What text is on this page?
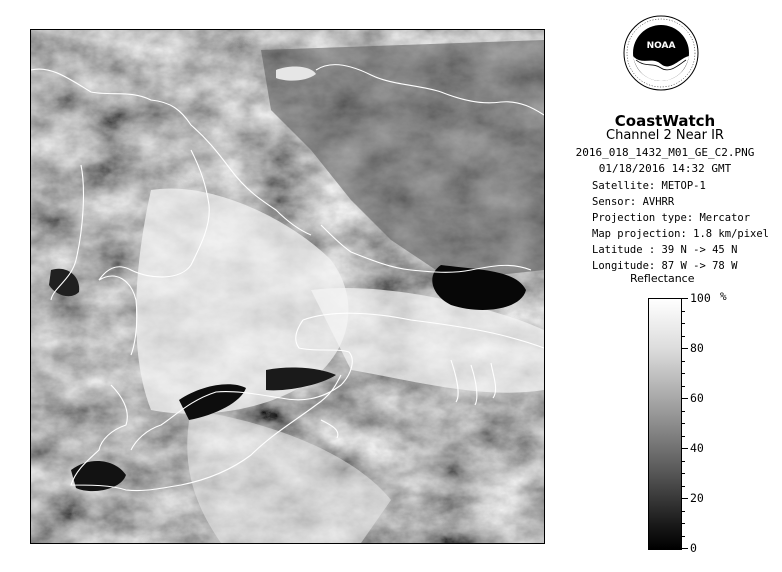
NOAA
CoastWatch
Channel 2 Near IR
2016_018_1432_M01_GE_C2.PNG
01/18/2016 14:32 GMT
Satellite: METOP-1
Sensor: AVHRR
Projection type: Mercator
Map projection: 1.8 km/pixel
Latitude : 39 N -> 45 N
Longitude: 87 W -> 78 W
Reflectance
%
100
80
60
40
20
0
